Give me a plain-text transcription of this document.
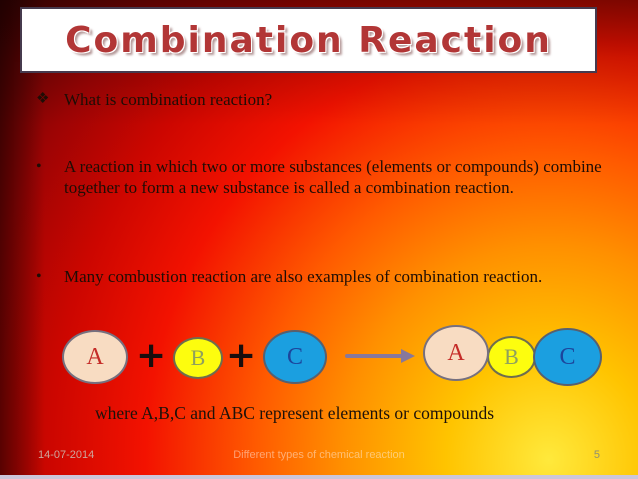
Combination Reaction
❖ What is combination reaction?
• A reaction in which two or more substances (elements or compounds) combine together to form a new substance is called a combination reaction.
• Many combustion reaction are also examples of combination reaction.
A + B + C	B
A	C
where A,B,C and ABC represent elements or compounds
Different types of chemical reaction
14-07-2014	5
